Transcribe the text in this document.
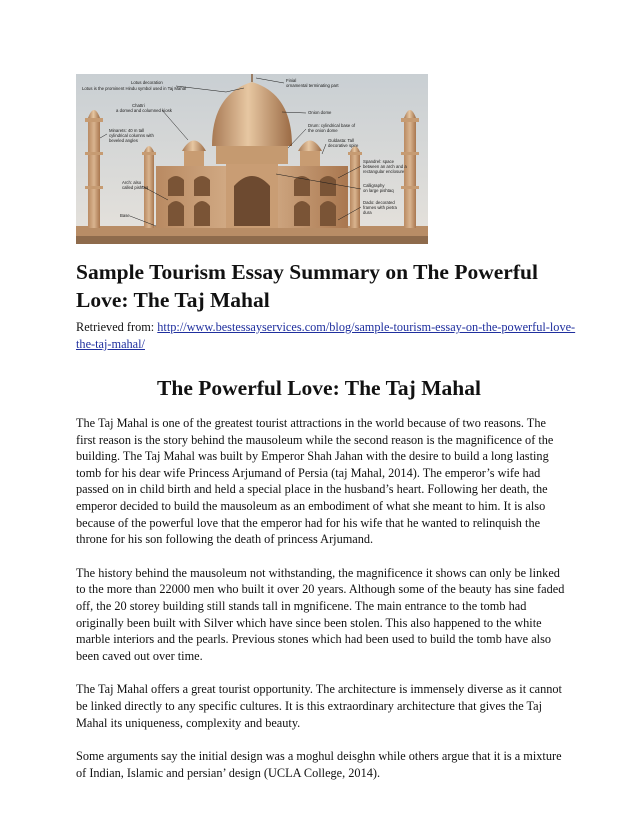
Lotus decoration
Lotus is the prominent Hindu symbol used in Taj Mahal
Finial
ornamental terminating part
Chattri
a domed and columned kiosk	Onion dome
Drum: cylindrical base of
the onion dome
Minarets: 40 m tall
cylindrical columns with
beveled angles	Guldasta: Tall
decorative spire
Spandrel: space
between an arch and a
rectangular enclosure
Arch: also
called pishtaq	Calligraphy
on large pishtaq
Dado: decorated
frames with pietra
dura
Base
Sample Tourism Essay Summary on The Powerful Love: The Taj Mahal
Retrieved from: http://www.bestessayservices.com/blog/sample-tourism-essay-on-the-powerful-love-the-taj-mahal/
The Powerful Love: The Taj Mahal

The Taj Mahal is one of the greatest tourist attractions in the world because of two reasons. The first reason is the story behind the mausoleum while the second reason is the magnificence of the building. The Taj Mahal was built by Emperor Shah Jahan with the desire to build a long lasting tomb for his dear wife Princess Arjumand of Persia (taj Mahal, 2014). The emperor’s wife had passed on in child birth and held a special place in the husband’s heart. Following her death, the emperor decided to build the mausoleum as an embodiment of what she meant to him. It is also because of the powerful love that the emperor had for his wife that he wanted to relinquish the throne for his son following the death of princess Arjumand.

The history behind the mausoleum not withstanding, the magnificence it shows can only be linked to the more than 22000 men who built it over 20 years. Although some of the beauty has sine faded off, the 20 storey building still stands tall in mgnificene. The main entrance to the tomb had originally been built with Silver which have since been stolen. This also happened to the white marble interiors and the pearls. Previous stones which had been used to build the tomb have also been caved out over time.

The Taj Mahal offers a great tourist opportunity. The architecture is immensely diverse as it cannot be linked directly to any specific cultures. It is this extraordinary architecture that gives the Taj Mahal its uniqueness, complexity and beauty.

Some arguments say the initial design was a moghul deisghn while others argue that it is a mixture of Indian, Islamic and persian’ design (UCLA College, 2014).
